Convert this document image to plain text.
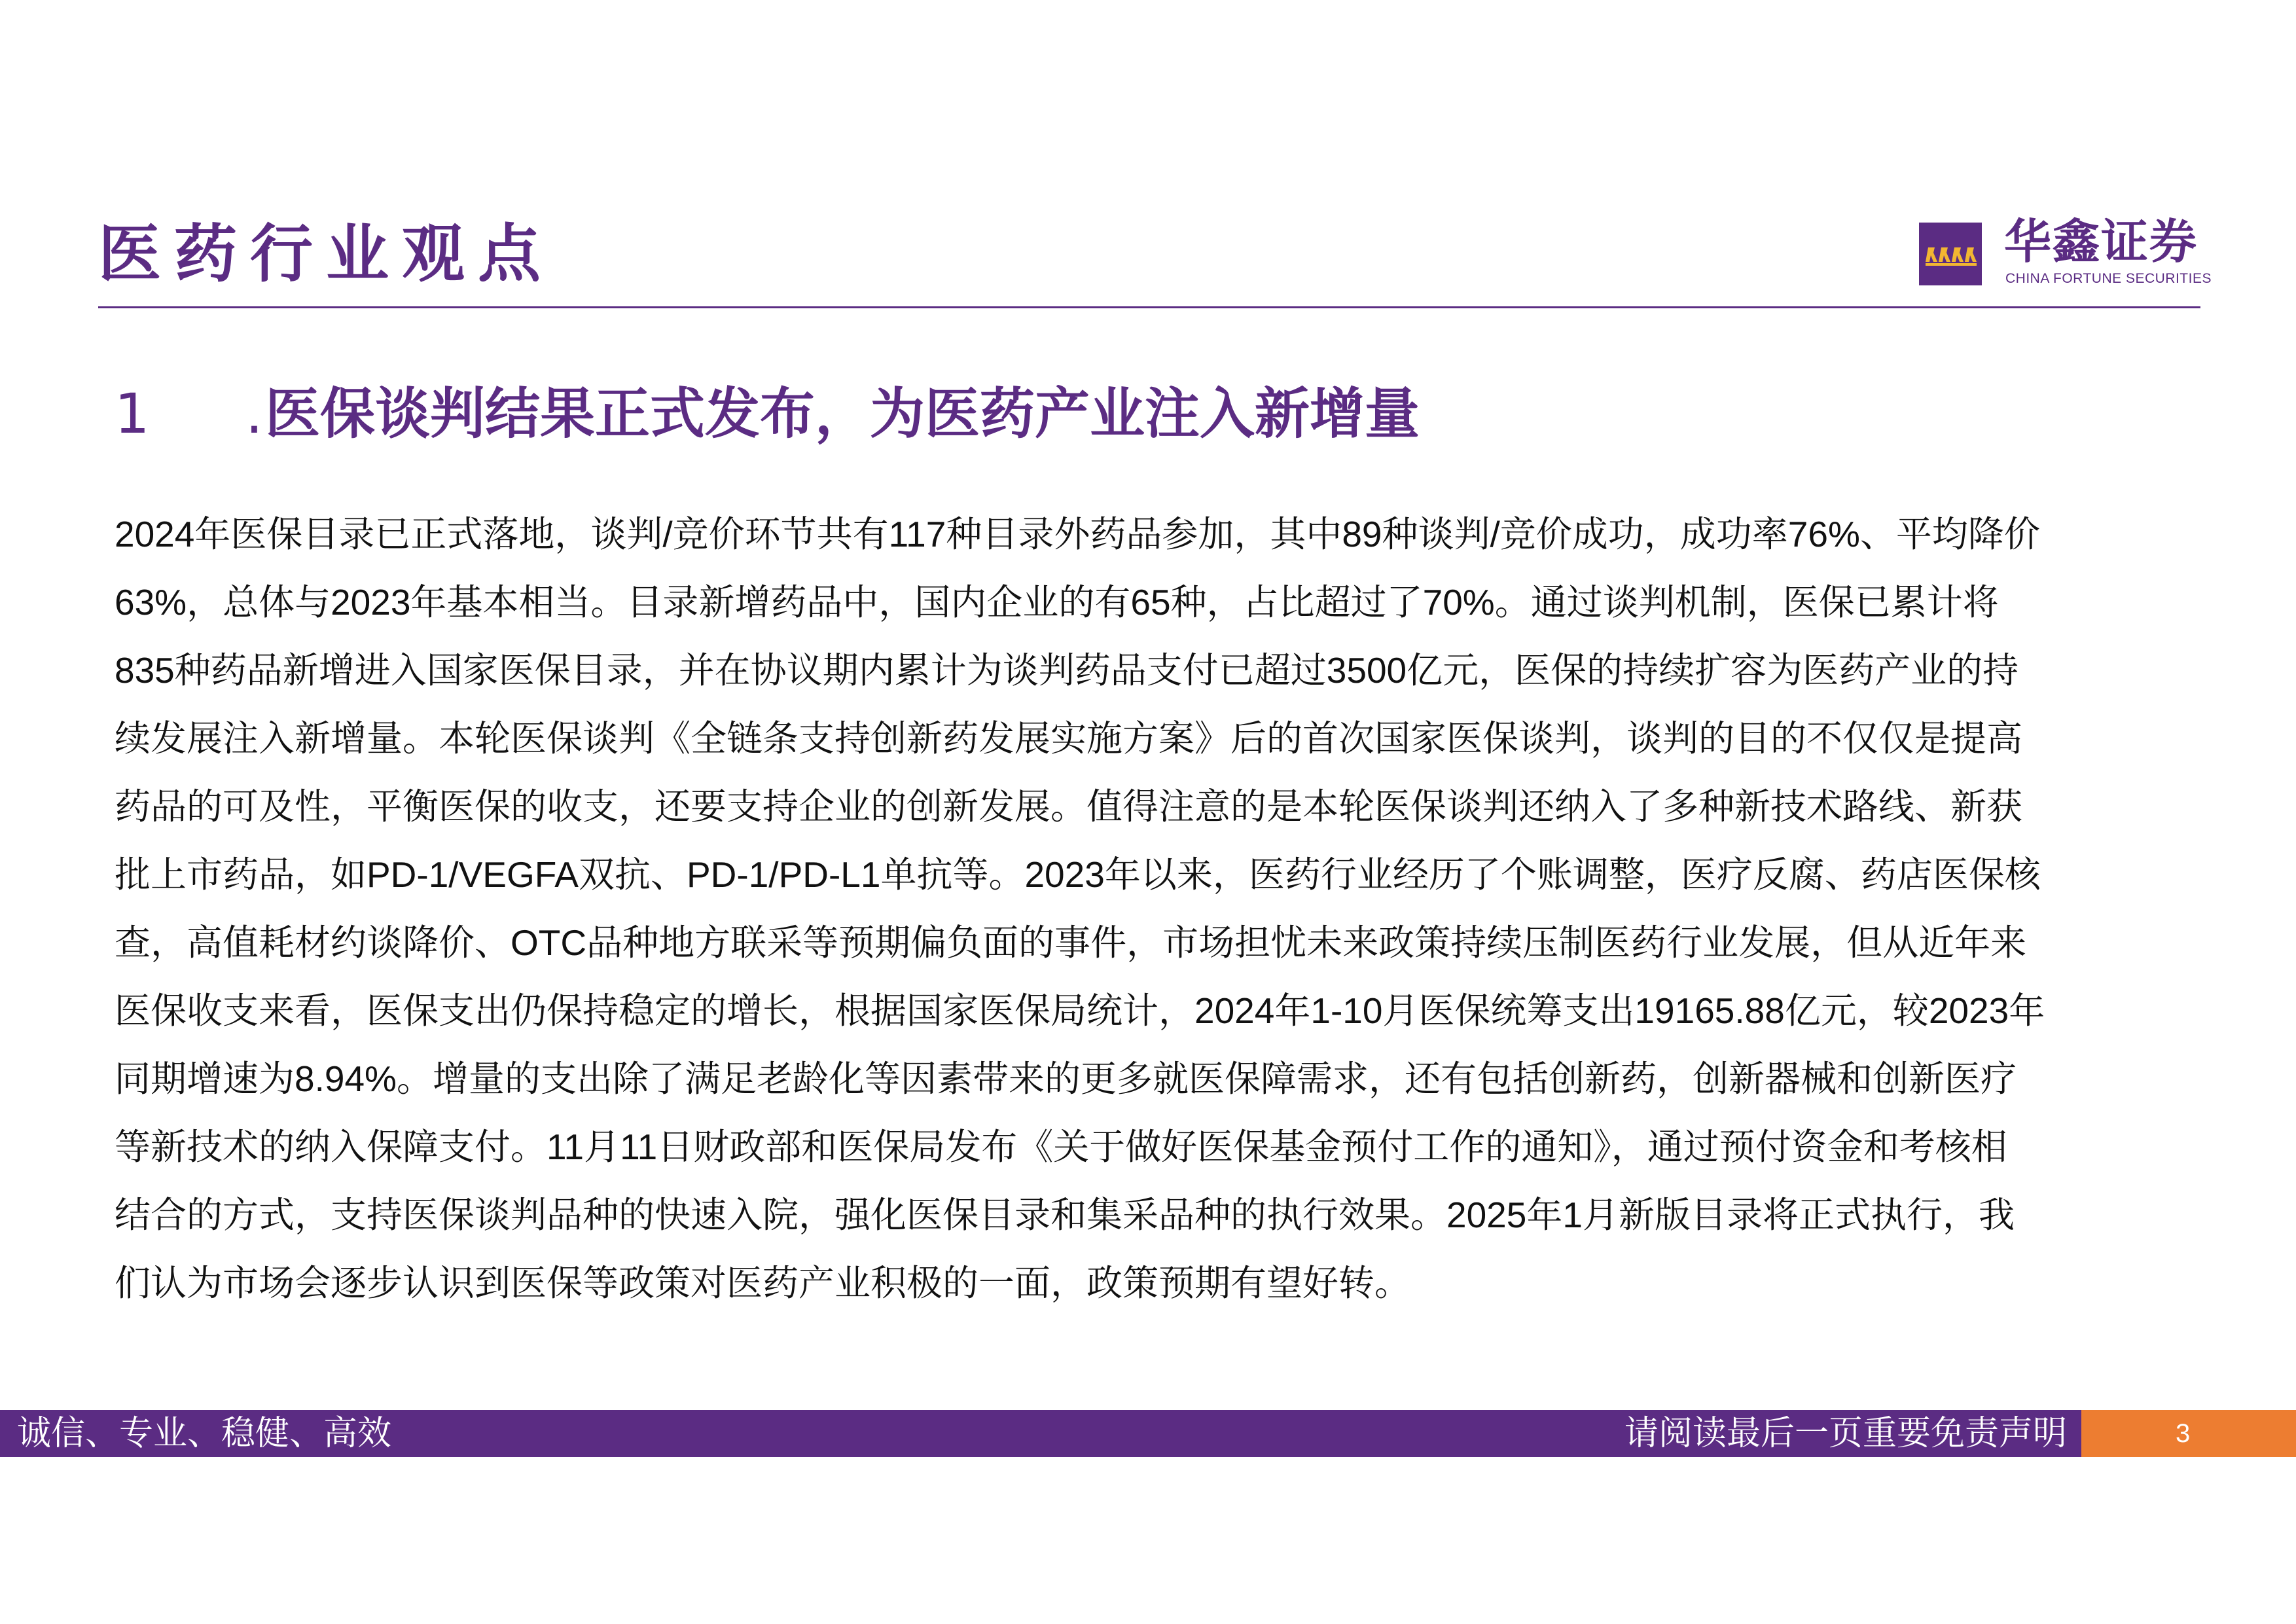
医药行业观点	华鑫证券
CHINA FORTUNE SECURITIES
1 .医保谈判结果正式发布，为医药产业注入新增量
2024年医保目录已正式落地，谈判/竞价环节共有117种目录外药品参加，其中89种谈判/竞价成功，成功率76%、平均降价
63%，总体与2023年基本相当。目录新增药品中，国内企业的有65种，占比超过了70%。通过谈判机制，医保已累计将
835种药品新增进入国家医保目录，并在协议期内累计为谈判药品支付已超过3500亿元，医保的持续扩容为医药产业的持
续发展注入新增量。本轮医保谈判《全链条支持创新药发展实施方案》后的首次国家医保谈判，谈判的目的不仅仅是提高
药品的可及性，平衡医保的收支，还要支持企业的创新发展。值得注意的是本轮医保谈判还纳入了多种新技术路线、新获
批上市药品，如PD-1/VEGFA双抗、PD-1/PD-L1单抗等。2023年以来，医药行业经历了个账调整，医疗反腐、药店医保核
查，高值耗材约谈降价、OTC品种地方联采等预期偏负面的事件，市场担忧未来政策持续压制医药行业发展，但从近年来
医保收支来看，医保支出仍保持稳定的增长，根据国家医保局统计，2024年1-10月医保统筹支出19165.88亿元，较2023年
同期增速为8.94%。增量的支出除了满足老龄化等因素带来的更多就医保障需求，还有包括创新药，创新器械和创新医疗
等新技术的纳入保障支付。11月11日财政部和医保局发布《关于做好医保基金预付工作的通知》，通过预付资金和考核相
结合的方式，支持医保谈判品种的快速入院，强化医保目录和集采品种的执行效果。2025年1月新版目录将正式执行，我
们认为市场会逐步认识到医保等政策对医药产业积极的一面，政策预期有望好转。
诚信、专业、稳健、高效	请阅读最后一页重要免责声明	3
